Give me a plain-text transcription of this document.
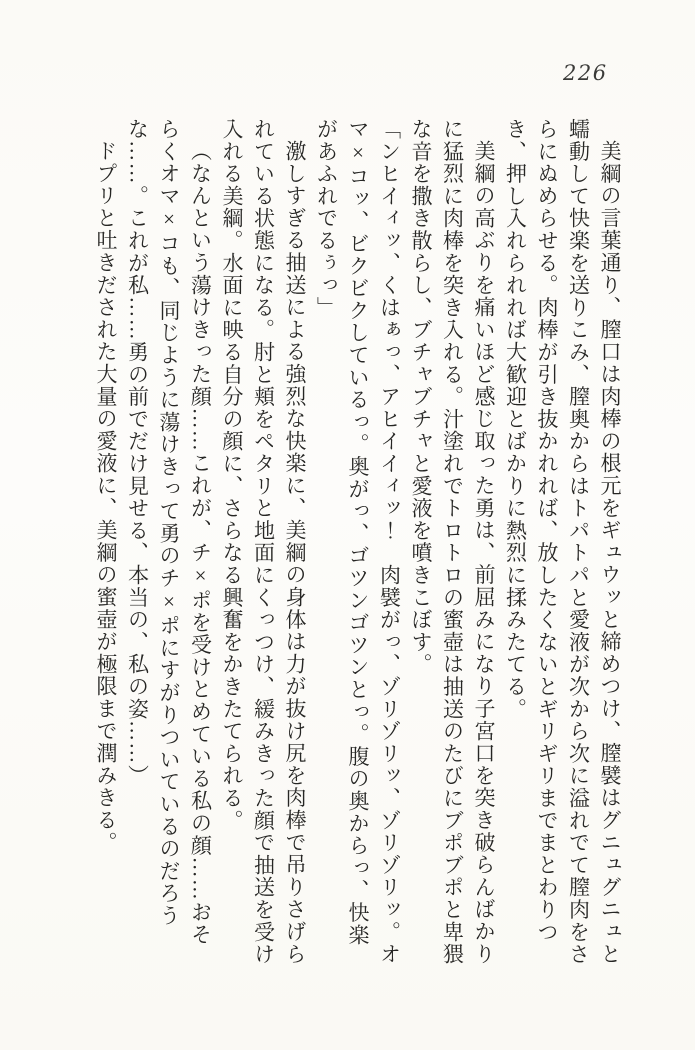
226

美綱の言葉通り、膣口は肉棒の根元をギュウッと締めつけ、膣襞はグニュグニュと蠕動して快楽を送りこみ、膣奥からはトパトパと愛液が次から次に溢れでて膣肉をさらにぬめらせる。肉棒が引き抜かれれば、放したくないとギリギリまでまとわりつき、押し入れられれば大歓迎とばかりに熱烈に揉みたてる。

美綱の高ぶりを痛いほど感じ取った勇は、前屈みになり子宮口を突き破らんばかりに猛烈に肉棒を突き入れる。汁塗れでトロトロの蜜壺は抽送のたびにブポブポと卑猥な音を撒き散らし、ブチャブチャと愛液を噴きこぼす。

「ンヒイィッ、くはぁっ、アヒイイィッ！　肉襞がっ、ゾリゾリッ、ゾリゾリッ。オマ×コッ、ビクビクしているっ。奥がっ、ゴツンゴツンとっ。腹の奥からっ、快楽があふれでるぅっ」

激しすぎる抽送による強烈な快楽に、美綱の身体は力が抜け尻を肉棒で吊りさげられている状態になる。肘と頬をペタリと地面にくっつけ、緩みきった顔で抽送を受け入れる美綱。水面に映る自分の顔に、さらなる興奮をかきたてられる。

（なんという蕩けきった顔……これが、チ×ポを受けとめている私の顔……おそらくオマ×コも、同じように蕩けきって勇のチ×ポにすがりついているのだろうな……。これが私……勇の前でだけ見せる、本当の、私の姿……）

ドプリと吐きだされた大量の愛液に、美綱の蜜壺が極限まで潤みきる。
